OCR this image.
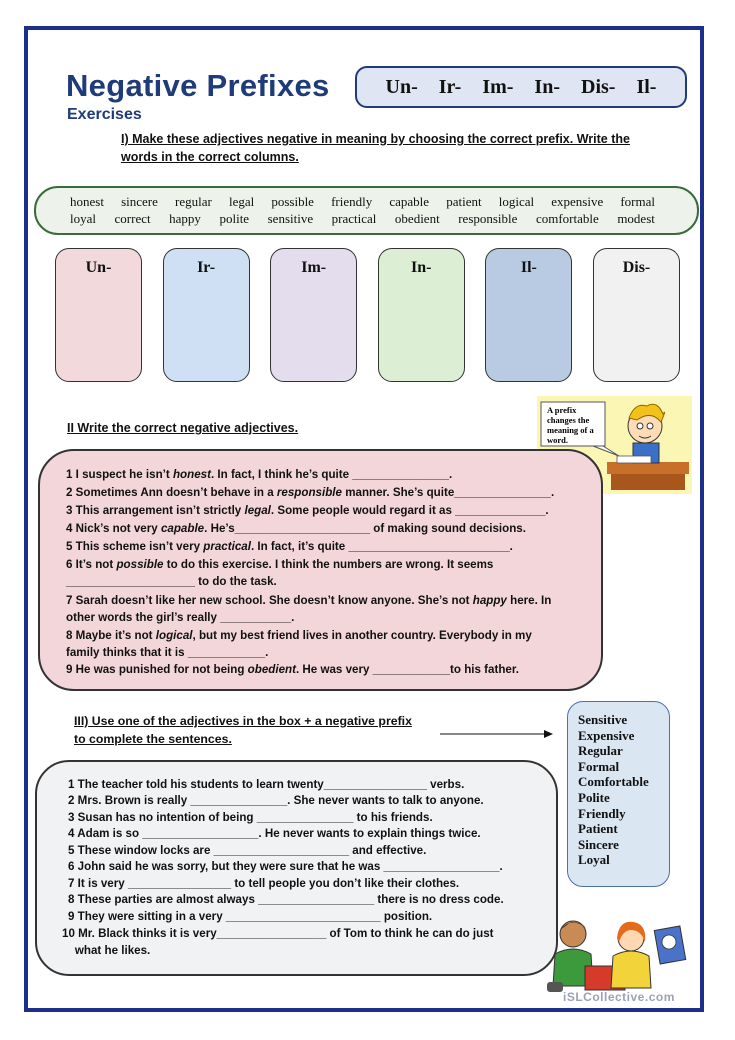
Negative Prefixes
Exercises
Un- Ir- Im- In- Dis- Il-
I) Make these adjectives negative in meaning by choosing the correct prefix. Write the
words in the correct columns.
honest sincere regular legal possible friendly capable patient logical expensive formal
loyal correct happy polite sensitive practical obedient responsible comfortable modest
Un-	Ir-	Im-	In-	Il-	Dis-
II Write the correct negative adjectives.
A prefix
changes the
meaning of a
word.
1 I suspect he isn’t honest. In fact, I think he’s quite _______________.
2 Sometimes Ann doesn’t behave in a responsible manner. She’s quite_______________.
3 This arrangement isn’t strictly legal. Some people would regard it as ______________.
4 Nick’s not very capable. He’s_____________________ of making sound decisions.
5 This scheme isn’t very practical. In fact, it’s quite _________________________.
6 It’s not possible to do this exercise. I think the numbers are wrong. It seems
____________________ to do the task.
7 Sarah doesn’t like her new school. She doesn’t know anyone. She’s not happy here. In
other words the girl’s really ___________.
8 Maybe it’s not logical, but my best friend lives in another country. Everybody in my
family thinks that it is ____________.
9 He was punished for not being obedient. He was very ____________to his father.
III) Use one of the adjectives in the box + a negative prefix
to complete the sentences.
Sensitive
Expensive
Regular
Formal
Comfortable
Polite
Friendly
Patient
Sincere
Loyal
1 The teacher told his students to learn twenty________________ verbs.
2 Mrs. Brown is really _______________. She never wants to talk to anyone.
3 Susan has no intention of being _______________ to his friends.
4 Adam is so __________________. He never wants to explain things twice.
5 These window locks are _____________________ and effective.
6 John said he was sorry, but they were sure that he was __________________.
7 It is very ________________ to tell people you don’t like their clothes.
8 These parties are almost always __________________ there is no dress code.
9 They were sitting in a very ________________________ position.
10 Mr. Black thinks it is very_________________ of Tom to think he can do just
what he likes.
iSLCollective.com
